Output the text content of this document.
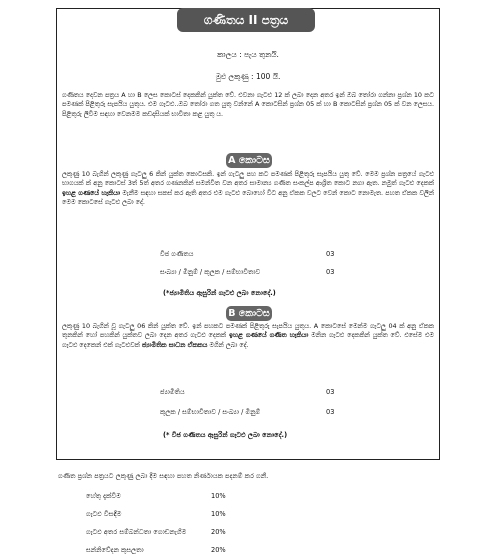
ගණිතය II පත්‍රය
කාලය : පැය තුනයි.
මුළු ලකුණු : 100 යි.

ගණිතය දෙවන පත්‍රය A හා B ලෙස කොටස් දෙකකින් යුක්ත වේ. එවනා ගැටළු 12 ක් ලබා දෙන අතර ඉන් ඔබ තෝරා ගන්නා ප්‍රශ්න 10 කට පමණක් පිළිතුරු සැපයිය යුතුය. එම ගැටළු..ඔබ තෝරා ගත යුතු වන්නේ A කොටසින් ප්‍රශ්න 05 ක් හා B කොටසින් ප්‍රශ්න 05 ක් වන ලෙසය. පිළිතුරු ලිවීම සඳහා වෙනමම කඩදාසියක් භාවිතා කළ යුතු ය.

A කොටස

ලකුණු 10 බැගින් ලකුණු ගැටලු 6 කින් යුක්ත කොටසකි. ඉන් ගැටලු පහ කට පමණක් පිළිතුරු සැපයිය යුතු වේ. මෙම ප්‍රශ්න පත්‍රයේ ගැටළු භාගයක් ක් අනු කොටස් 3ත් 5ත් අතර ගණනකින් සමන්විත වන අතර සාමාන්‍ය ගණිත සංකල්ප ආශ්‍රිත කොට නගා ඇත. නමුත් ගැටළු දෙකක් ඉහළ ගණයේ හැකියා මැනීම සඳහා සකස් කර ඇති අතර එම ගැටළු බොහෝ විට අනු ඒකක වලට වෙන් කොට නොමැත. පහත ඒකක වලින් මෙම කොටසේ ගැටළු ලබා දේ.

විජ ගණිතය	03
සංඛ්‍යා / මිනුම් / කුලක / සම්භාවිතාව	03
(*ජ්‍යාමිතිය ඇසුරින් ගැටළු ලබා නොදේ.)
B කොටස

ලකුණු 10 බැගින් වූ ගැටලු 06 කින් යුක්ත වේ. ඉන් පහකට පමණක් පිළිතුරු සැපයිය යුතුය. A කොටසේ මෙන්ම ගැටලු 04 ක් අනු ඒකක තුනකින් හෝ පහකින් යුක්තව ලබා දෙන අතර ගැටළු දෙකක් ඉහළ ගණයේ ගණිත හැකියා මනින ගැටළු දෙකකින් යුක්ත වේ. එසේම එම ගැටළු දෙකෙන් එක් ගැටළුවක් ජ්‍යාමිතික සාධන ඒකකය මගින් ලබා දේ.

ජ්‍යාමිතිය	03
කුලක / සම්භාවිතාව / සංඛ්‍යා / මිනුම්	03
(* විජ ගණිතය ඇසුරින් ගැටළු ලබා නොදේ.)
ගණිත ප්‍රශ්න පත්‍රයට ලකුණු ලබා දීම සඳහා පහත නිර්ණායක පදනම් කර ගනී.
හේතු දැක්වීම	10%
ගැටළු විසඳීම	10%
ගැටළු අතර සම්බන්ධතා ගොඩනැගීම	20%
සන්නිවේදන කුසලතා	20%
